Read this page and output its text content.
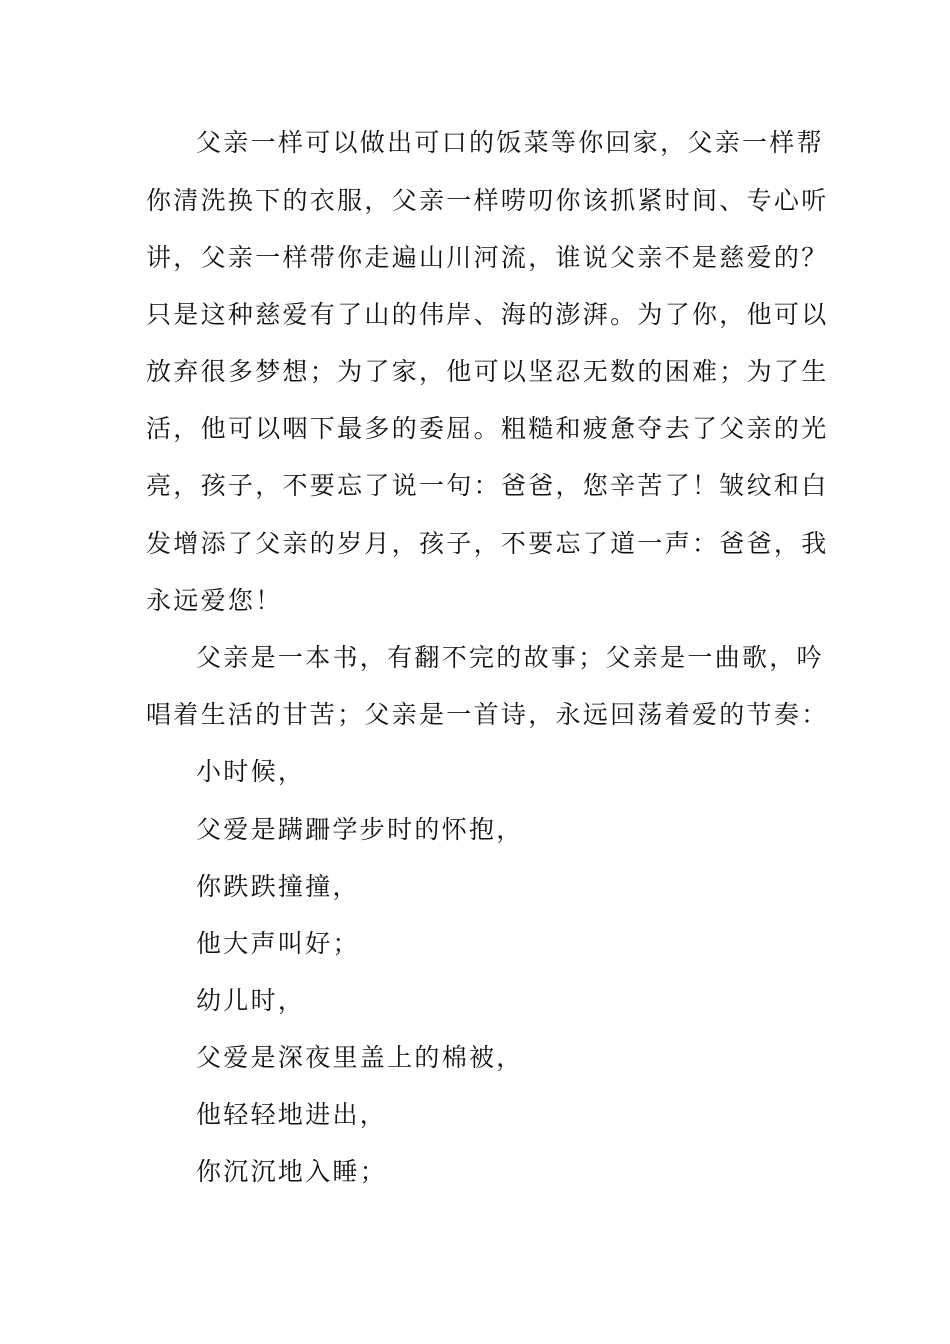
父亲一样可以做出可口的饭菜等你回家，父亲一样帮

你清洗换下的衣服，父亲一样唠叨你该抓紧时间、专心听

讲，父亲一样带你走遍山川河流，谁说父亲不是慈爱的？

只是这种慈爱有了山的伟岸、海的澎湃。为了你，他可以

放弃很多梦想；为了家，他可以坚忍无数的困难；为了生

活，他可以咽下最多的委屈。粗糙和疲惫夺去了父亲的光

亮，孩子，不要忘了说一句：爸爸，您辛苦了！皱纹和白

发增添了父亲的岁月，孩子，不要忘了道一声：爸爸，我

永远爱您！

父亲是一本书，有翻不完的故事；父亲是一曲歌，吟

唱着生活的甘苦；父亲是一首诗，永远回荡着爱的节奏：

小时候，

父爱是蹒跚学步时的怀抱，

你跌跌撞撞，

他大声叫好；

幼儿时，

父爱是深夜里盖上的棉被，

他轻轻地进出，

你沉沉地入睡；
